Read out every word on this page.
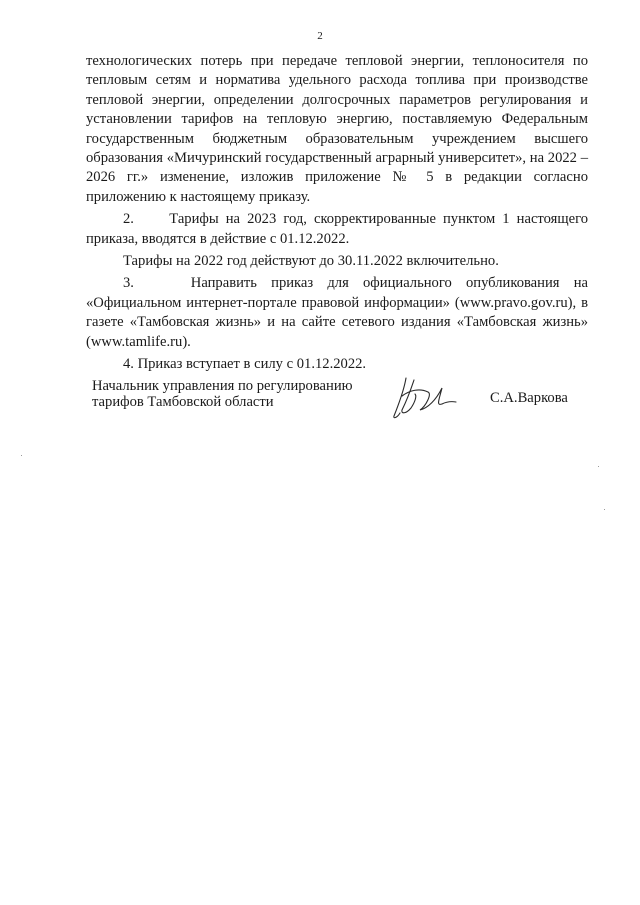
2

технологических потерь при передаче тепловой энергии, теплоносителя по тепловым сетям и норматива удельного расхода топлива при производстве тепловой энергии, определении долгосрочных параметров регулирования и установлении тарифов на тепловую энергию, поставляемую Федеральным государственным бюджетным образовательным учреждением высшего образования «Мичуринский государственный аграрный университет», на 2022 – 2026 гг.» изменение, изложив приложение № 5 в редакции согласно приложению к настоящему приказу.

2.     Тарифы на 2023 год, скорректированные пунктом 1 настоящего приказа, вводятся в действие с 01.12.2022.

Тарифы на 2022 год действуют до 30.11.2022 включительно.

3.    Направить приказ для официального опубликования на «Официальном интернет-портале правовой информации» (www.pravo.gov.ru), в газете «Тамбовская жизнь» и на сайте сетевого издания «Тамбовская жизнь» (www.tamlife.ru).

4. Приказ вступает в силу с 01.12.2022.

Начальник управления по регулированию
тарифов Тамбовской области	С.А.Варкова
